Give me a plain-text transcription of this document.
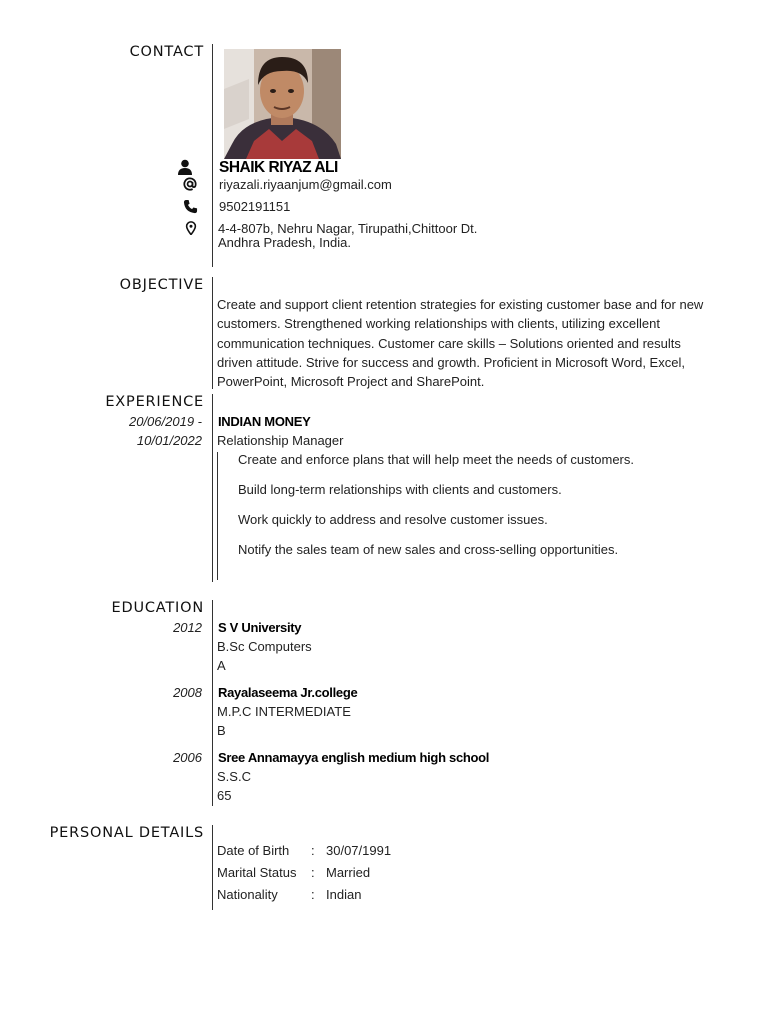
CONTACT
SHAIK RIYAZ ALI
riyazali.riyaanjum@gmail.com
9502191151
4-4-807b, Nehru Nagar, Tirupathi,Chittoor Dt.
Andhra Pradesh, India.
OBJECTIVE

Create and support client retention strategies for existing customer base and for new

customers. Strengthened working relationships with clients, utilizing excellent

communication techniques. Customer care skills – Solutions oriented and results

driven attitude. Strive for success and growth. Proficient in Microsoft Word, Excel,

PowerPoint, Microsoft Project and SharePoint.

EXPERIENCE
20/06/2019 -
10/01/2022
INDIAN MONEY
Relationship Manager
Create and enforce plans that will help meet the needs of customers.
Build long-term relationships with clients and customers.
Work quickly to address and resolve customer issues.
Notify the sales team of new sales and cross-selling opportunities.
EDUCATION
2012 S V University
B.Sc Computers
A
2008 Rayalaseema Jr.college
M.P.C INTERMEDIATE
B
2006 Sree Annamayya english medium high school
S.S.C
65
PERSONAL DETAILS
Date of Birth : 30/07/1991
Marital Status : Married
Nationality	: Indian
